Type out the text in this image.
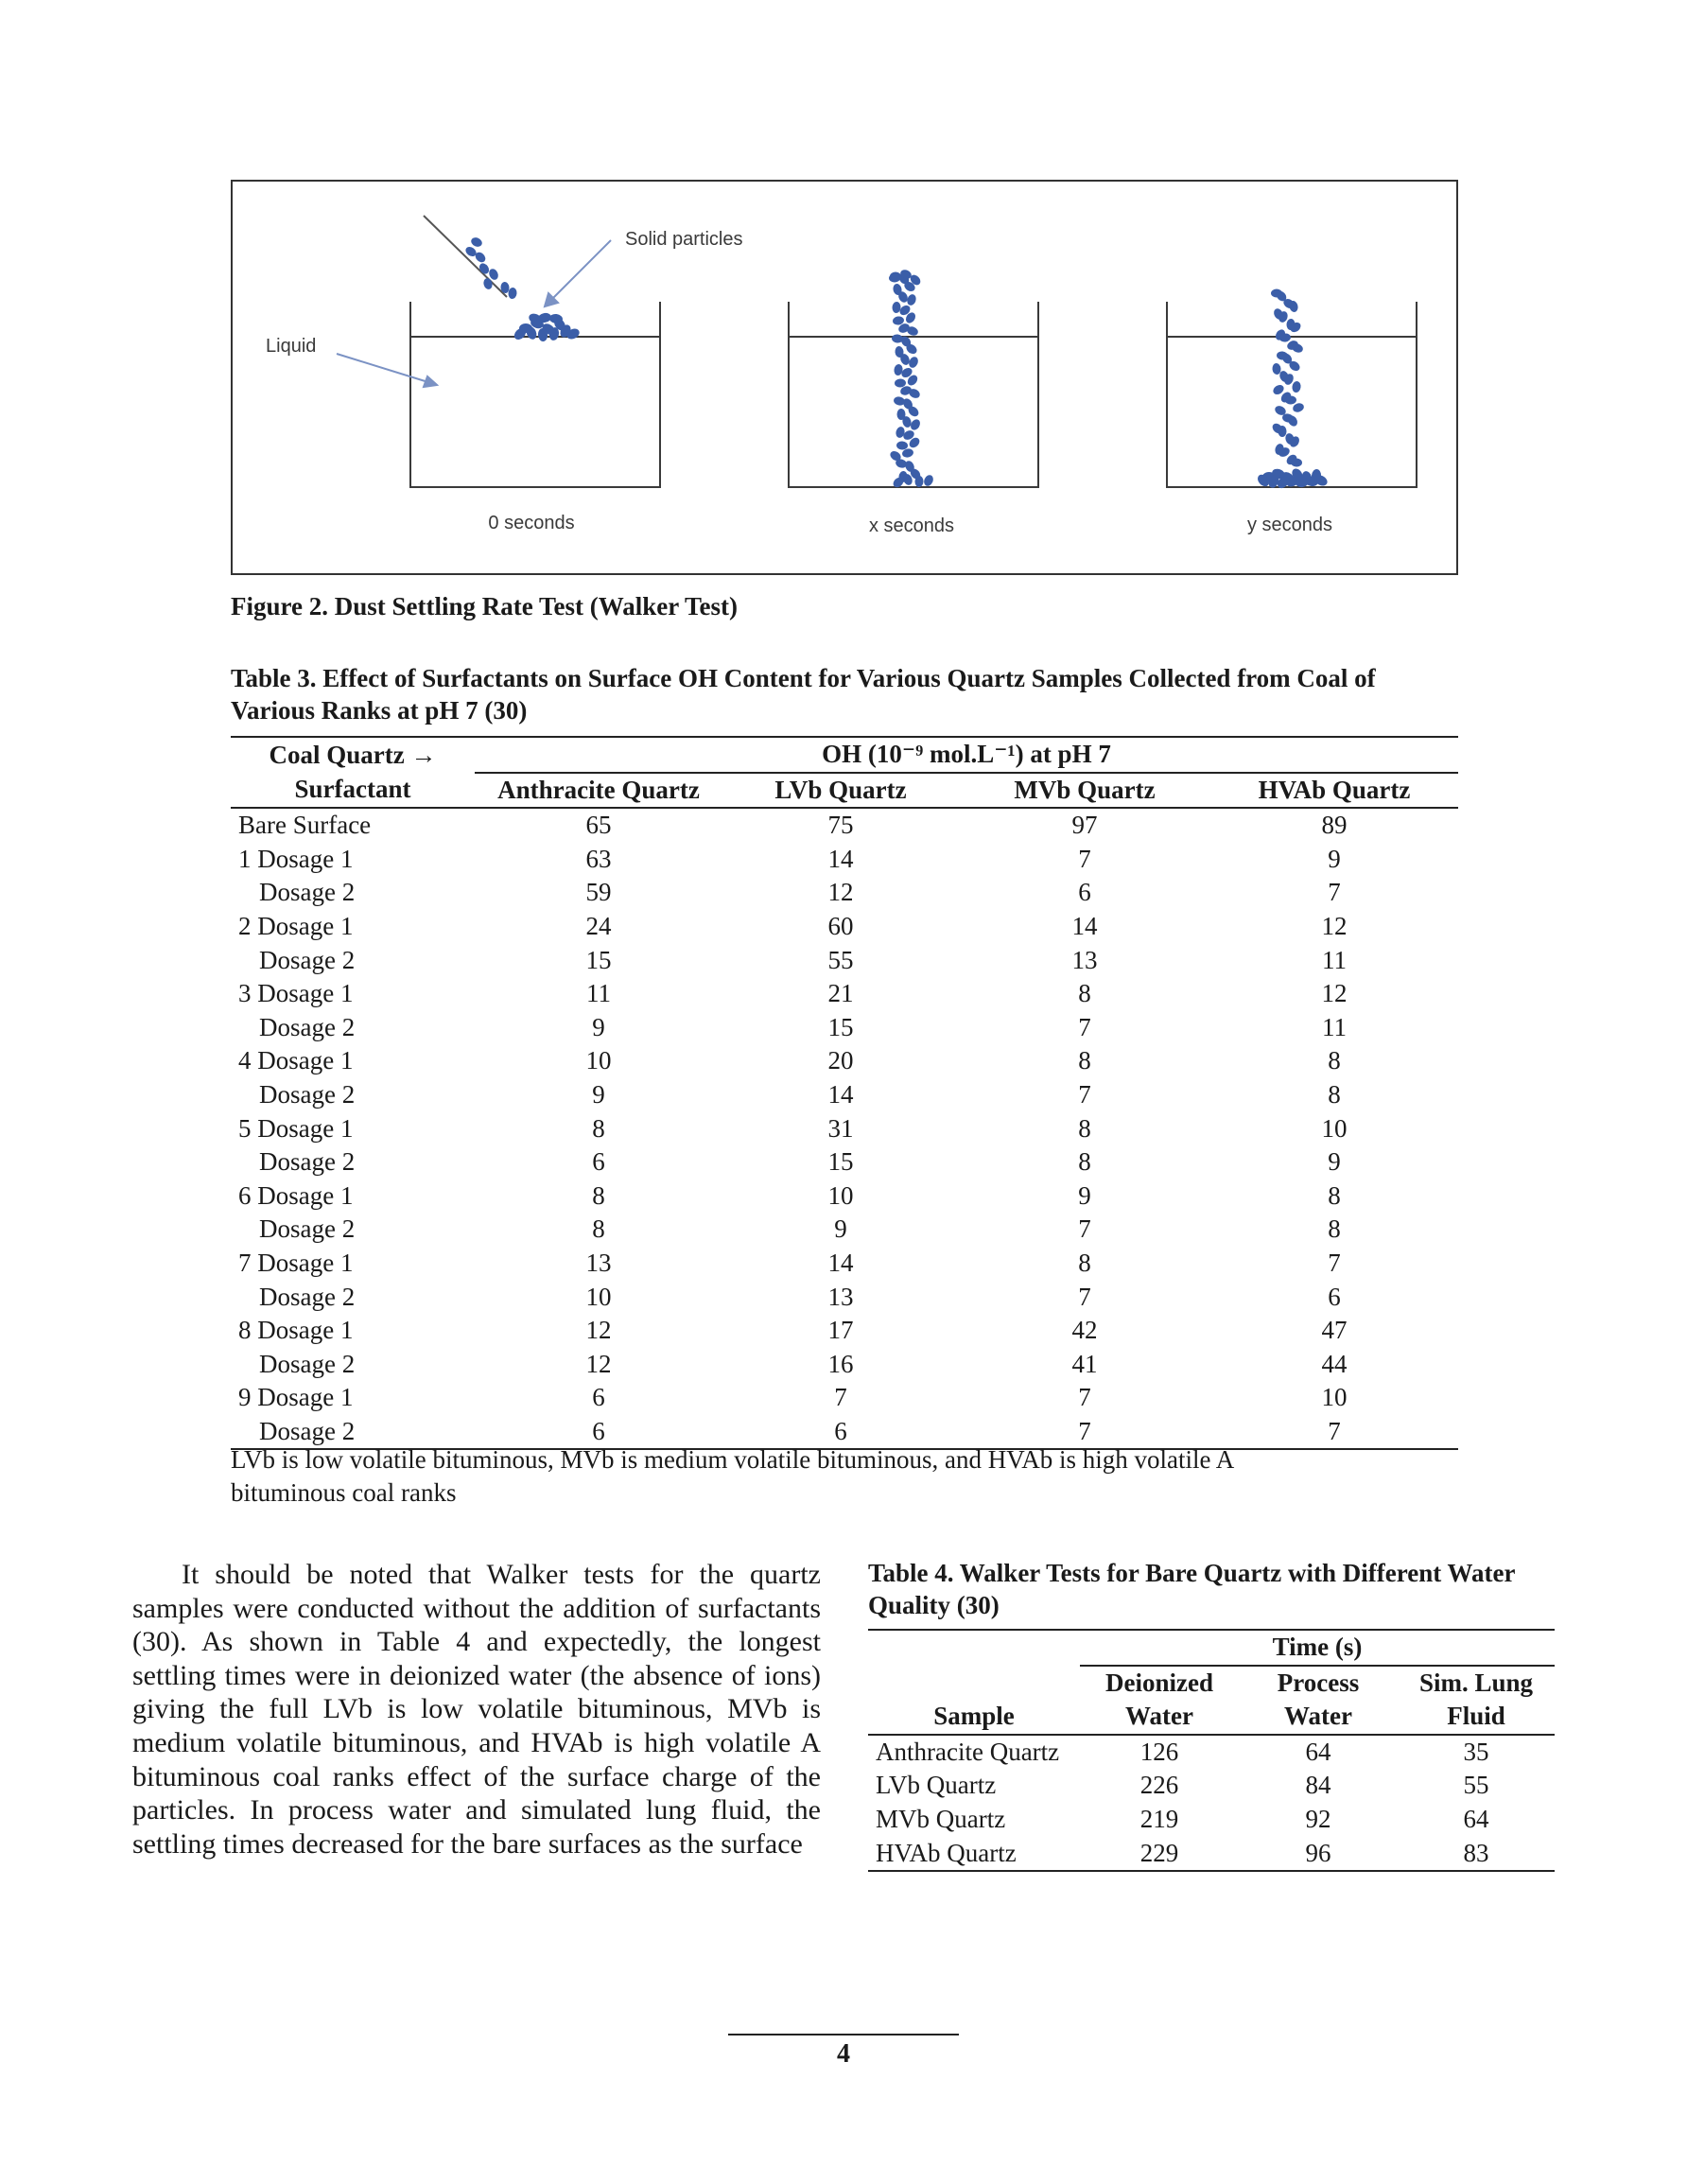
Solid particles
Liquid
0 seconds	x seconds	y seconds
Figure 2. Dust Settling Rate Test (Walker Test)
Table 3. Effect of Surfactants on Surface OH Content for Various Quartz Samples Collected from Coal of Various Ranks at pH 7 (30)
Coal Quartz →	OH (10⁻⁹ mol.L⁻¹) at pH 7			
Surfactant	Anthracite Quartz	LVb Quartz	MVb Quartz	HVAb Quartz
Bare Surface	65	75	97	89
1 Dosage 1	63	14	7	9
Dosage 2	59	12	6	7
2 Dosage 1	24	60	14	12
Dosage 2	15	55	13	11
3 Dosage 1	11	21	8	12
Dosage 2	9	15	7	11
4 Dosage 1	10	20	8	8
Dosage 2	9	14	7	8
5 Dosage 1	8	31	8	10
Dosage 2	6	15	8	9
6 Dosage 1	8	10	9	8
Dosage 2	8	9	7	8
7 Dosage 1	13	14	8	7
Dosage 2	10	13	7	6
8 Dosage 1	12	17	42	47
Dosage 2	12	16	41	44
9 Dosage 1	6	7	7	10
Dosage 2	6	6	7	7
LVb is low volatile bituminous, MVb is medium volatile bituminous, and HVAb is high volatile A bituminous coal ranks

It should be noted that Walker tests for the quartz samples were conducted without the addition of surfactants (30). As shown in Table 4 and expectedly, the longest settling times were in deionized water (the absence of ions) giving the full LVb is low volatile bituminous, MVb is medium volatile bituminous, and HVAb is high volatile A bituminous coal ranks effect of the surface charge of the particles. In process water and simulated lung fluid, the settling times decreased for the bare surfaces as the surface

Table 4. Walker Tests for Bare Quartz with Different Water Quality (30)
	Time (s)		
	Deionized	Process	Sim. Lung
Sample	Water	Water	Fluid
Anthracite Quartz	126	64	35
LVb Quartz	226	84	55
MVb Quartz	219	92	64
HVAb Quartz	229	96	83
4
